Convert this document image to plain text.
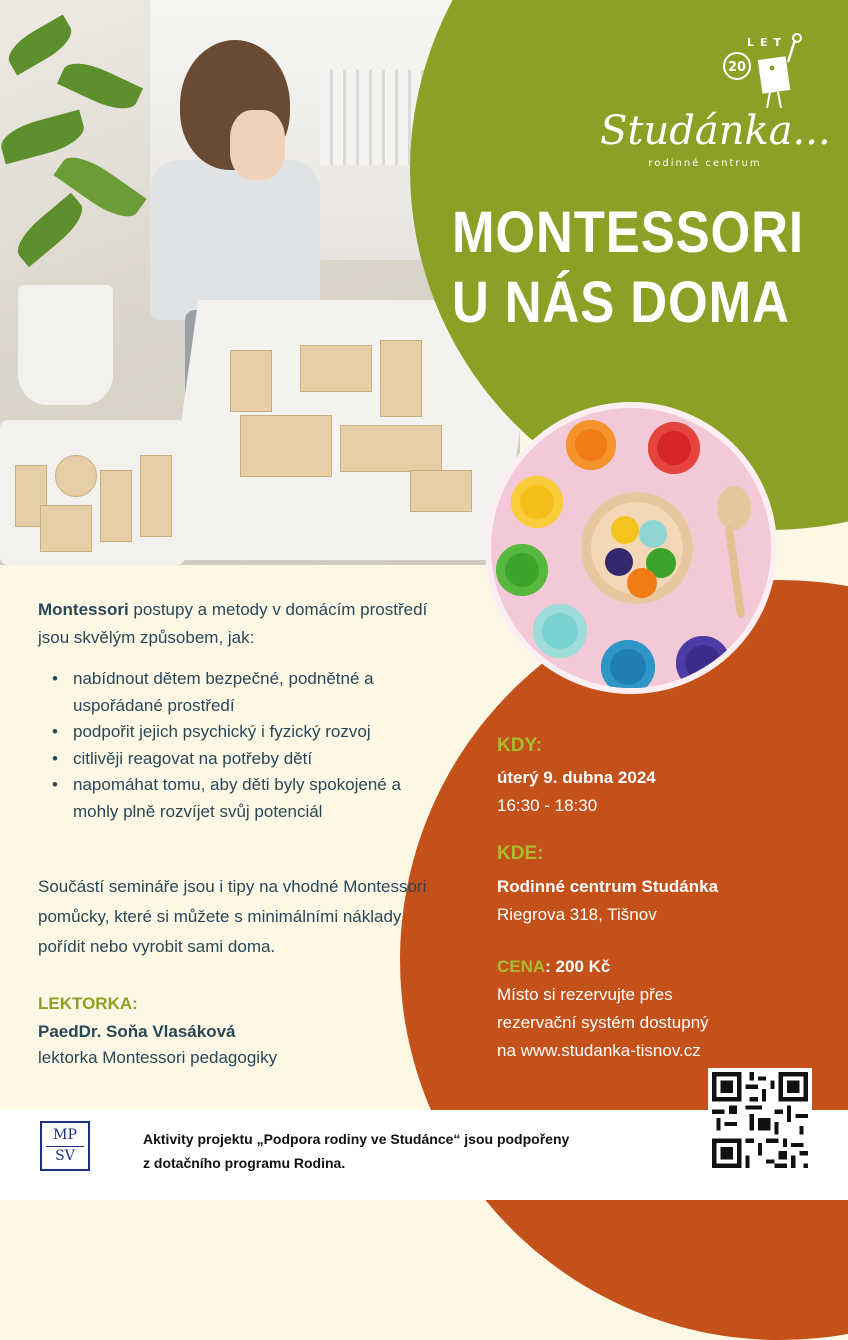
20
LET
Studánka...
rodinné centrum
MONTESSORI
U NÁS DOMA
Montessori postupy a metody v domácím prostředí jsou skvělým způsobem, jak:
• nabídnout dětem bezpečné, podnětné a uspořádané prostředí
• podpořit jejich psychický i fyzický rozvoj
• citlivěji reagovat na potřeby dětí
• napomáhat tomu, aby děti byly spokojené a mohly plně rozvíjet svůj potenciál
Součástí semináře jsou i tipy na vhodné Montessori pomůcky, které si můžete s minimálními náklady pořídit nebo vyrobit sami doma.
LEKTORKA:
PaedDr. Soňa Vlasáková
lektorka Montessori pedagogiky
KDY:
úterý 9. dubna 2024
16:30 - 18:30
KDE:
Rodinné centrum Studánka
Riegrova 318, Tišnov
CENA: 200 Kč
Místo si rezervujte přes
rezervační systém dostupný
na www.studanka-tisnov.cz
MP
SV
Aktivity projektu „Podpora rodiny ve Studánce“ jsou podpořeny
z dotačního programu Rodina.
